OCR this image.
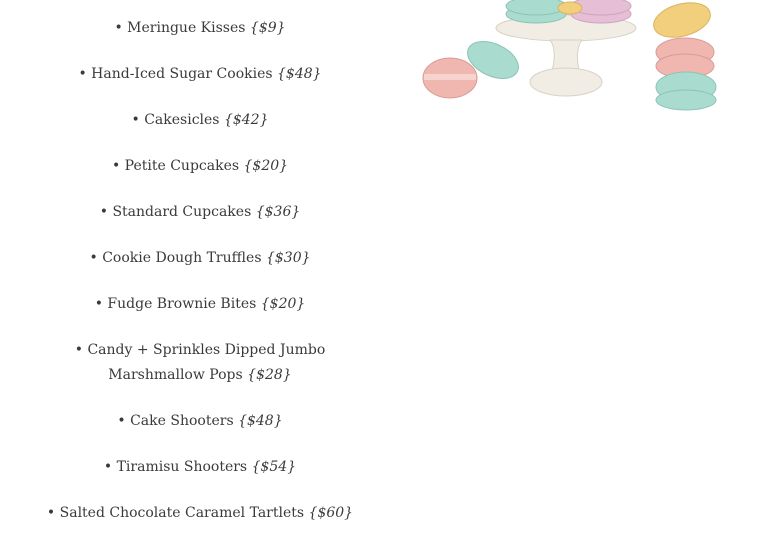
• Meringue Kisses {$9}
• Hand-Iced Sugar Cookies {$48}
• Cakesicles {$42}
• Petite Cupcakes {$20}
• Standard Cupcakes {$36}
• Cookie Dough Truffles {$30}
• Fudge Brownie Bites {$20}
• Candy + Sprinkles Dipped Jumbo Marshmallow Pops {$28}
• Cake Shooters {$48}
• Tiramisu Shooters {$54}
• Salted Chocolate Caramel Tartlets {$60}
